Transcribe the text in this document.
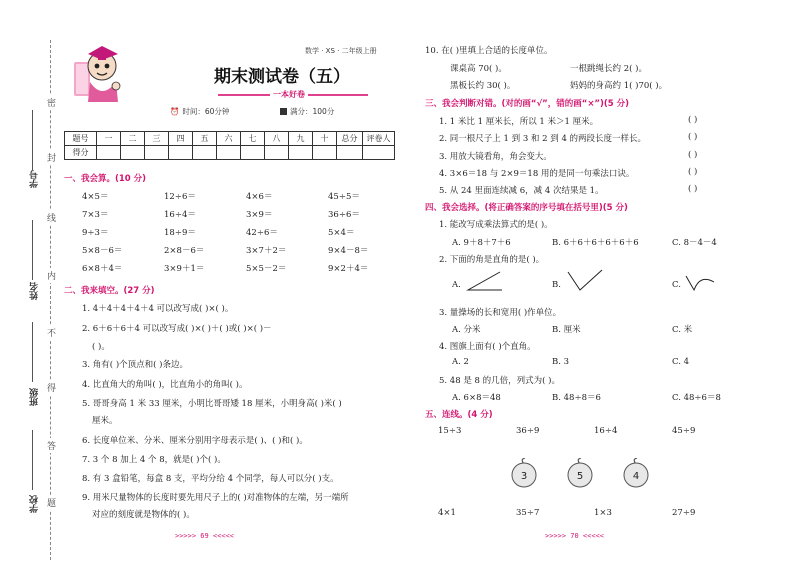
密
封
线
内
不
得
答
题
学号
姓名
班级
学校
数学 · XS · 二年级上册
期末测试卷（五）
一本好卷
⏰ 时间：60分钟	满分：100分
题号	一	二	三	四	五	六	七	八	九	十	总分	评卷人
得分												
一、我会算。(10 分)
4×5＝	12÷6＝	4×6＝	45÷5＝
7×3＝	16÷4＝	3×9＝	36÷6＝
9÷3＝	18÷9＝	42÷6＝	5×4＝
5×8－6＝	2×8－6＝	3×7＋2＝	9×4－8＝
6×8＋4＝	3×9＋1＝	5×5－2＝	9×2＋4＝
二、我来填空。(27 分)
1. 4＋4＋4＋4＋4 可以改写成( )×( )。
2. 6＋6＋6＋4 可以改写成( )×( )＋( )或( )×( )－
( )。
3. 角有( )个顶点和( )条边。
4. 比直角大的角叫( )，比直角小的角叫( )。
5. 哥哥身高 1 米 33 厘米，小明比哥哥矮 18 厘米，小明身高( )米( )
厘米。
6. 长度单位米、分米、厘米分别用字母表示是( )、( )和( )。
7. 3 个 8 加上 4 个 8，就是( )个( )。
8. 有 3 盒铅笔，每盒 8 支，平均分给 4 个同学，每人可以分( )支。
9. 用米尺量物体的长度时要先用尺子上的( )对准物体的左端，另一端所
对应的刻度就是物体的( )。
>>>>> 69 <<<<<
10. 在( )里填上合适的长度单位。
课桌高 70( )。	一根跳绳长约 2( )。
黑板长约 30( )。	妈妈的身高约 1( )70( )。
三、我会判断对错。(对的画“√”，错的画“×”)(5 分)
1. 1 米比 1 厘米长，所以 1 米＞1 厘米。	( )
2. 同一根尺子上 1 到 3 和 2 到 4 的两段长度一样长。	( )
3. 用放大镜看角，角会变大。	( )
4. 3×6＝18 与 2×9＝18 用的是同一句乘法口诀。	( )
5. 从 24 里面连续减 6，减 4 次结果是 1。	( )
四、我会选择。(将正确答案的序号填在括号里)(5 分)
1. 能改写成乘法算式的是( )。
A. 9＋8＋7＋6	B. 6＋6＋6＋6＋6＋6	C. 8－4－4
2. 下面的角是直角的是( )。
A.	B.	C.
3. 量操场的长和宽用( )作单位。
A. 分米	B. 厘米	C. 米
4. 图旗上面有( )个直角。
A. 2	B. 3	C. 4
5. 48 是 8 的几倍，列式为( )。
A. 6×8＝48	B. 48÷8＝6	C. 48÷6＝8
五、连线。(4 分)
15÷3	36÷9	16÷4	45÷9
3	5	4
4×1	35÷7	1×3	27÷9
>>>>> 70 <<<<<
